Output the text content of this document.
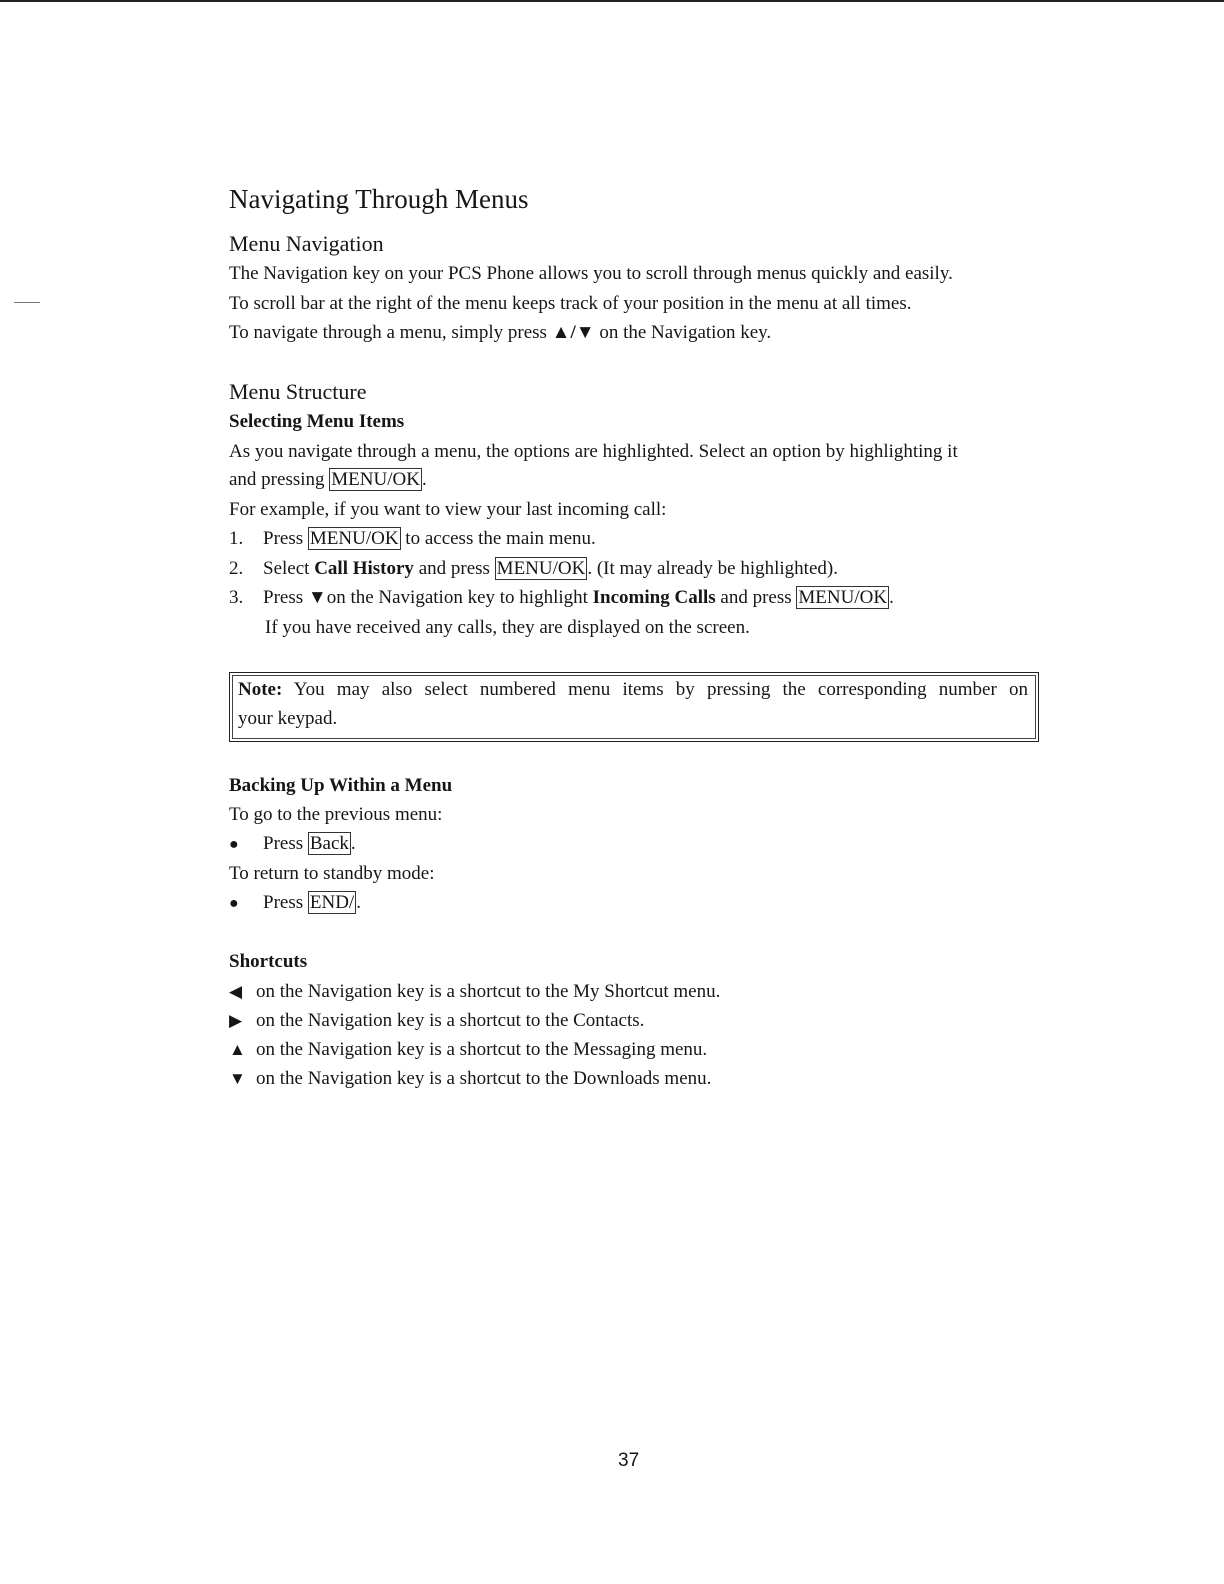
Navigating Through Menus
Menu Navigation
The Navigation key on your PCS Phone allows you to scroll through menus quickly and easily.
To scroll bar at the right of the menu keeps track of your position in the menu at all times.
To navigate through a menu, simply press ▲/▼ on the Navigation key.
Menu Structure
Selecting Menu Items
As you navigate through a menu, the options are highlighted. Select an option by highlighting it
and pressing MENU/OK .
For example, if you want to view your last incoming call:
1. Press MENU/OK to access the main menu.
2. Select Call History and press MENU/OK . (It may already be highlighted).
3. Press ▼on the Navigation key to highlight Incoming Calls and press MENU/OK .
If you have received any calls, they are displayed on the screen.
Note: You may also select numbered menu items by pressing the corresponding number on
your keypad.
Backing Up Within a Menu
To go to the previous menu:
● Press Back .
To return to standby mode:
● Press END/ .
Shortcuts
◀ on the Navigation key is a shortcut to the My Shortcut menu.
▶ on the Navigation key is a shortcut to the Contacts.
▲ on the Navigation key is a shortcut to the Messaging menu.
▼ on the Navigation key is a shortcut to the Downloads menu.
37
